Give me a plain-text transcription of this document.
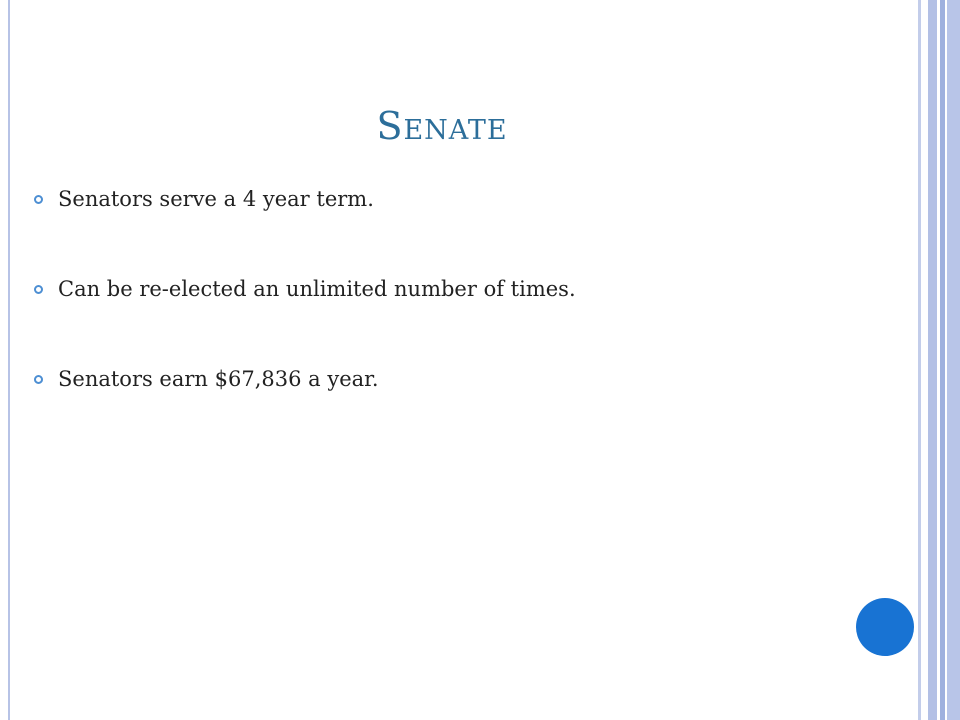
Senate
Senators serve a 4 year term.
Can be re-elected an unlimited number of times.
Senators earn $67,836 a year.
